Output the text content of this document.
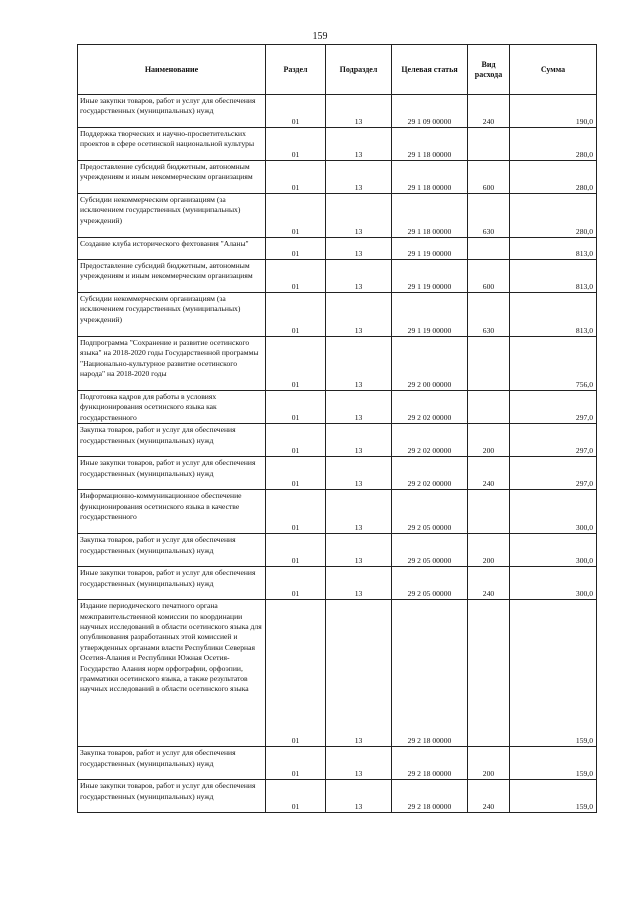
159
Наименование	Раздел	Подраздел	Целевая статья	Вид расхода	Сумма
Иные закупки товаров, работ и услуг для обеспечения государственных (муниципальных) нужд	01	13	29 1 09 00000	240	190,0
Поддержка творческих и научно-просветительских проектов в сфере осетинской национальной культуры	01	13	29 1 18 00000		280,0
Предоставление субсидий бюджетным, автономным учреждениям и иным некоммерческим организациям	01	13	29 1 18 00000	600	280,0
Субсидии некоммерческим организациям (за исключением государственных (муниципальных) учреждений)	01	13	29 1 18 00000	630	280,0
Создание клуба исторического фехтования "Аланы"	01	13	29 1 19 00000		813,0
Предоставление субсидий бюджетным, автономным учреждениям и иным некоммерческим организациям	01	13	29 1 19 00000	600	813,0
Субсидии некоммерческим организациям (за исключением государственных (муниципальных) учреждений)	01	13	29 1 19 00000	630	813,0
Подпрограмма "Сохранение и развитие осетинского языка" на 2018-2020 годы Государственной программы "Национально-культурное развитие осетинского народа" на 2018-2020 годы	01	13	29 2 00 00000		756,0
Подготовка кадров для работы в условиях функционирования осетинского языка как государственного	01	13	29 2 02 00000		297,0
Закупка товаров, работ и услуг для обеспечения государственных (муниципальных) нужд	01	13	29 2 02 00000	200	297,0
Иные закупки товаров, работ и услуг для обеспечения государственных (муниципальных) нужд	01	13	29 2 02 00000	240	297,0
Информационно-коммуникационное обеспечение функционирования осетинского языка в качестве государственного	01	13	29 2 05 00000		300,0
Закупка товаров, работ и услуг для обеспечения государственных (муниципальных) нужд	01	13	29 2 05 00000	200	300,0
Иные закупки товаров, работ и услуг для обеспечения государственных (муниципальных) нужд	01	13	29 2 05 00000	240	300,0
Издание периодического печатного органа межправительственной комиссии по координации научных исследований в области осетинского языка для опубликования разработанных этой комиссией и утвержденных органами власти Республики Северная Осетия-Алания и Республики Южная Осетия-Государство Алания норм орфографии, орфоэпии, грамматики осетинского языка, а также результатов научных исследований в области осетинского языка	01	13	29 2 18 00000		159,0
Закупка товаров, работ и услуг для обеспечения государственных (муниципальных) нужд	01	13	29 2 18 00000	200	159,0
Иные закупки товаров, работ и услуг для обеспечения государственных (муниципальных) нужд	01	13	29 2 18 00000	240	159,0
